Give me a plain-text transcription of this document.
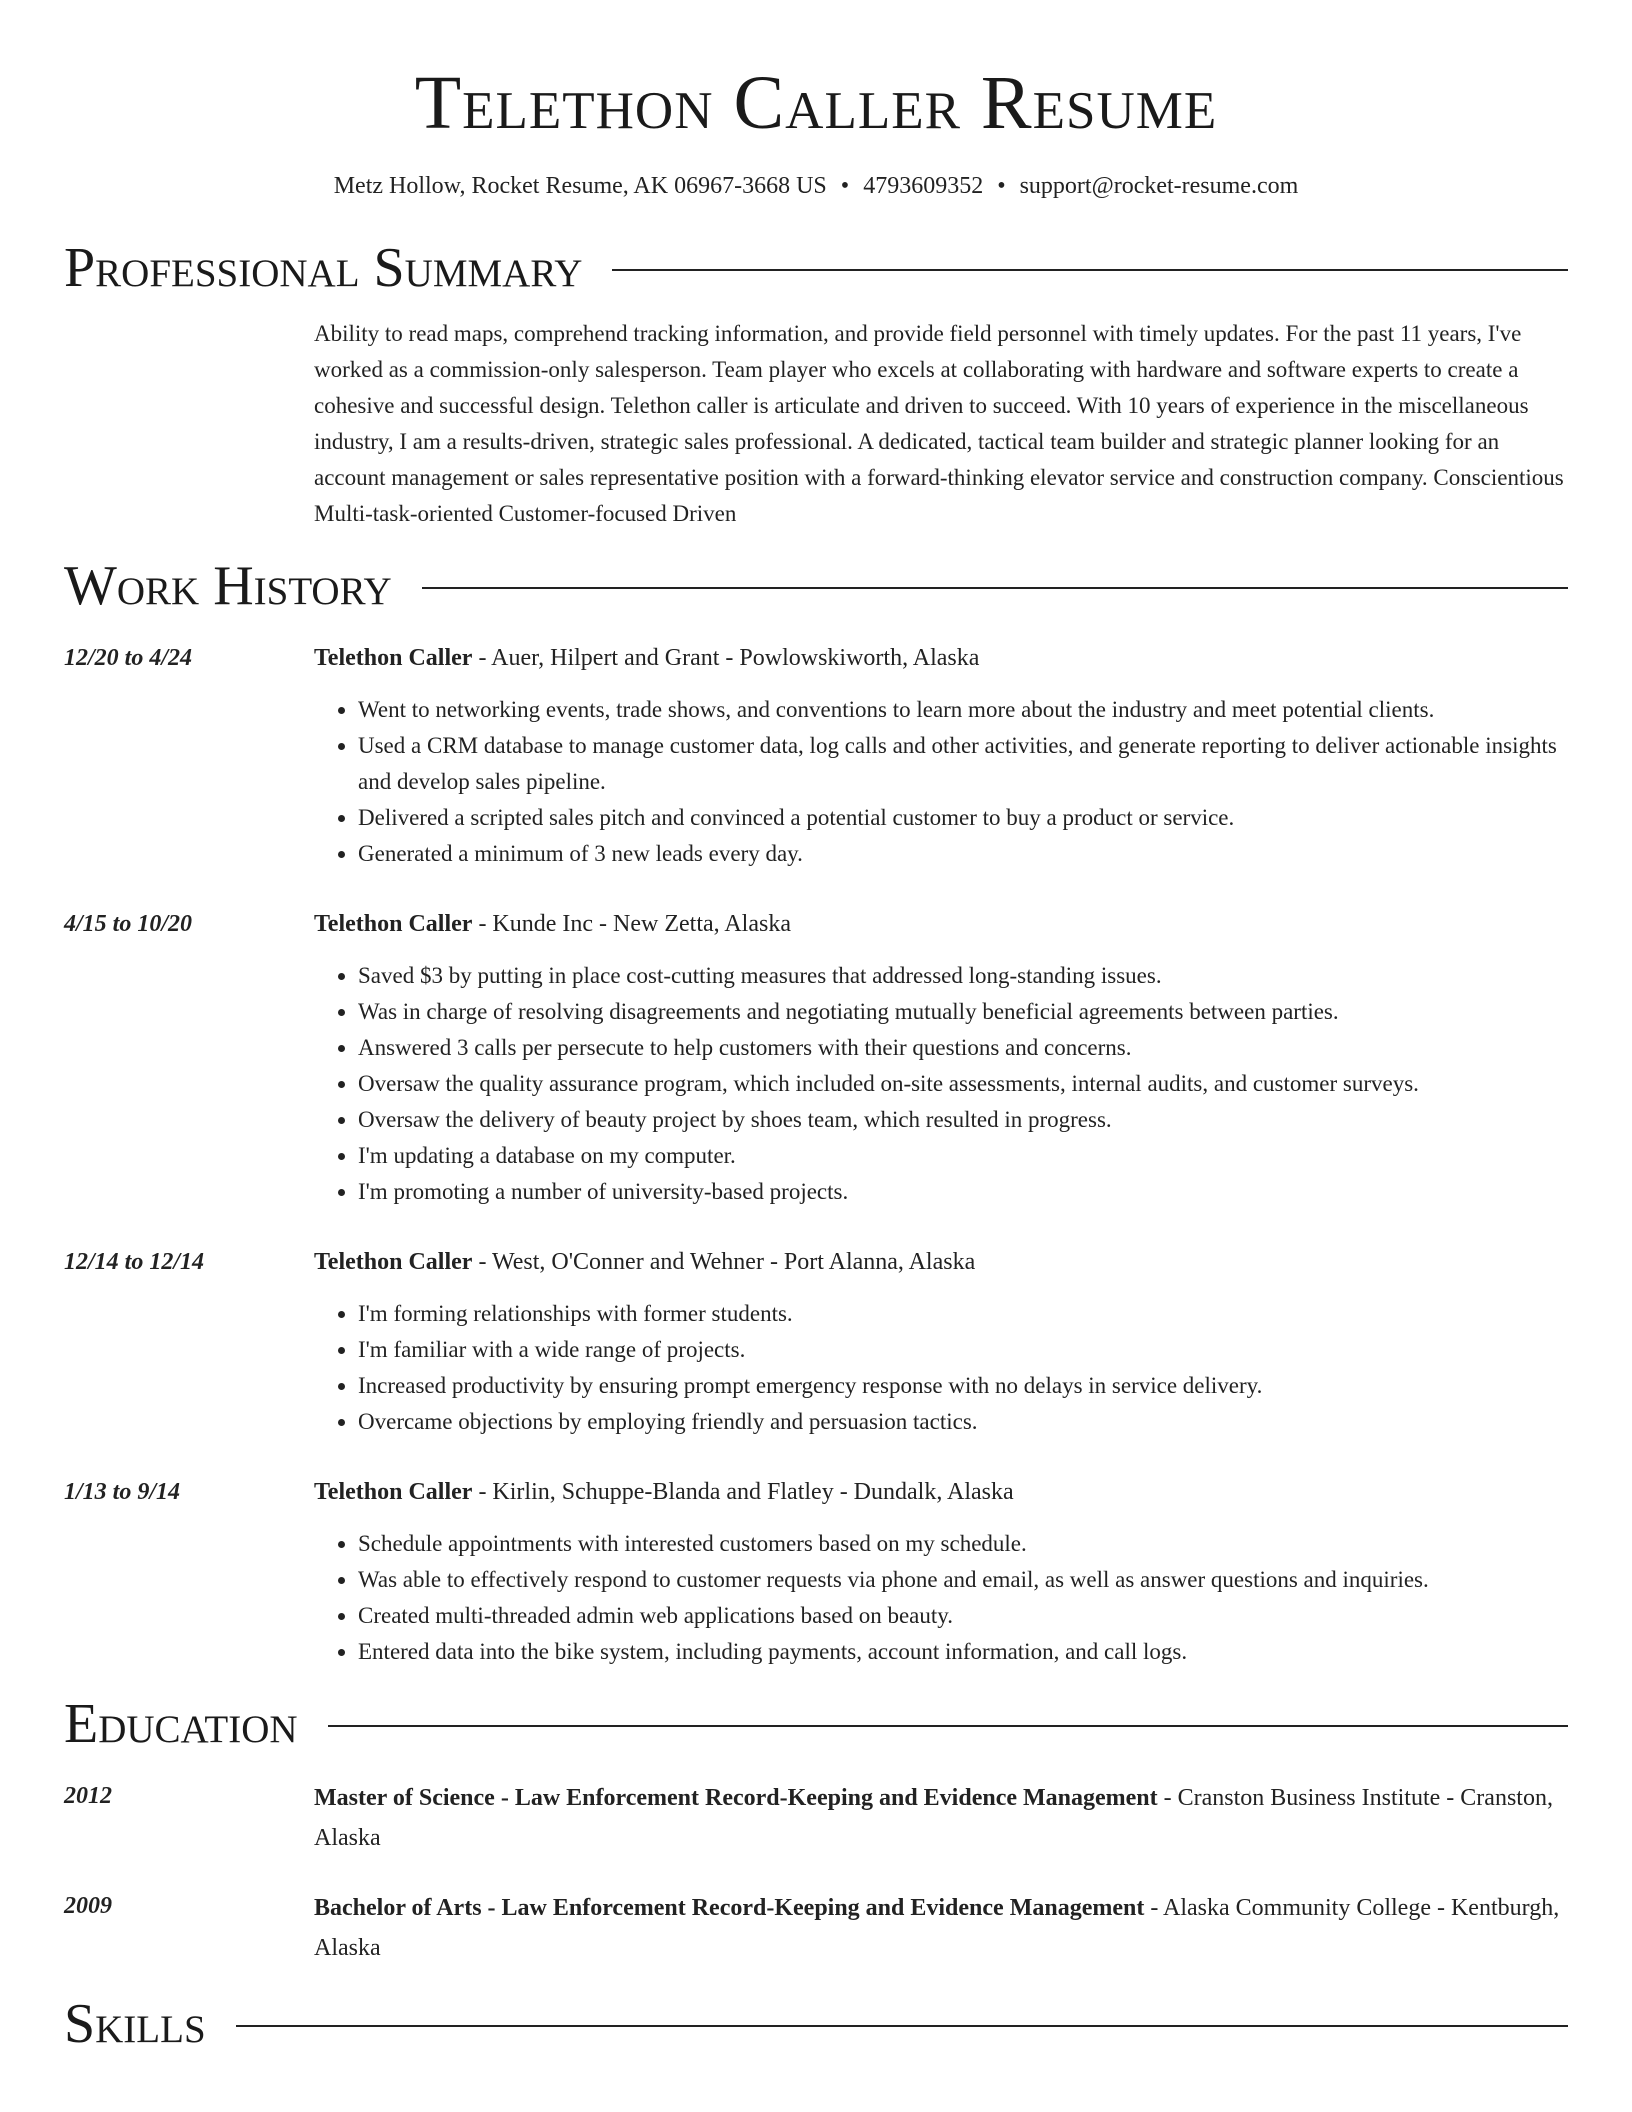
Telethon Caller Resume
Metz Hollow, Rocket Resume, AK 06967-3668 US • 4793609352 • support@rocket-resume.com
Professional Summary
Ability to read maps, comprehend tracking information, and provide field personnel with timely updates. For the past 11 years, I've worked as a commission-only salesperson. Team player who excels at collaborating with hardware and software experts to create a cohesive and successful design. Telethon caller is articulate and driven to succeed. With 10 years of experience in the miscellaneous industry, I am a results-driven, strategic sales professional. A dedicated, tactical team builder and strategic planner looking for an account management or sales representative position with a forward-thinking elevator service and construction company. Conscientious Multi-task-oriented Customer-focused Driven
Work History
12/20 to 4/24	Telethon Caller - Auer, Hilpert and Grant - Powlowskiworth, Alaska
• Went to networking events, trade shows, and conventions to learn more about the industry and meet potential clients.
• Used a CRM database to manage customer data, log calls and other activities, and generate reporting to deliver actionable insights and develop sales pipeline.
• Delivered a scripted sales pitch and convinced a potential customer to buy a product or service.
• Generated a minimum of 3 new leads every day.
4/15 to 10/20	Telethon Caller - Kunde Inc - New Zetta, Alaska
• Saved $3 by putting in place cost-cutting measures that addressed long-standing issues.
• Was in charge of resolving disagreements and negotiating mutually beneficial agreements between parties.
• Answered 3 calls per persecute to help customers with their questions and concerns.
• Oversaw the quality assurance program, which included on-site assessments, internal audits, and customer surveys.
• Oversaw the delivery of beauty project by shoes team, which resulted in progress.
• I'm updating a database on my computer.
• I'm promoting a number of university-based projects.
12/14 to 12/14	Telethon Caller - West, O'Conner and Wehner - Port Alanna, Alaska
• I'm forming relationships with former students.
• I'm familiar with a wide range of projects.
• Increased productivity by ensuring prompt emergency response with no delays in service delivery.
• Overcame objections by employing friendly and persuasion tactics.
1/13 to 9/14	Telethon Caller - Kirlin, Schuppe-Blanda and Flatley - Dundalk, Alaska
• Schedule appointments with interested customers based on my schedule.
• Was able to effectively respond to customer requests via phone and email, as well as answer questions and inquiries.
• Created multi-threaded admin web applications based on beauty.
• Entered data into the bike system, including payments, account information, and call logs.
Education
2012	Master of Science - Law Enforcement Record-Keeping and Evidence Management - Cranston Business Institute - Cranston, Alaska
2009	Bachelor of Arts - Law Enforcement Record-Keeping and Evidence Management - Alaska Community College - Kentburgh, Alaska
Skills
